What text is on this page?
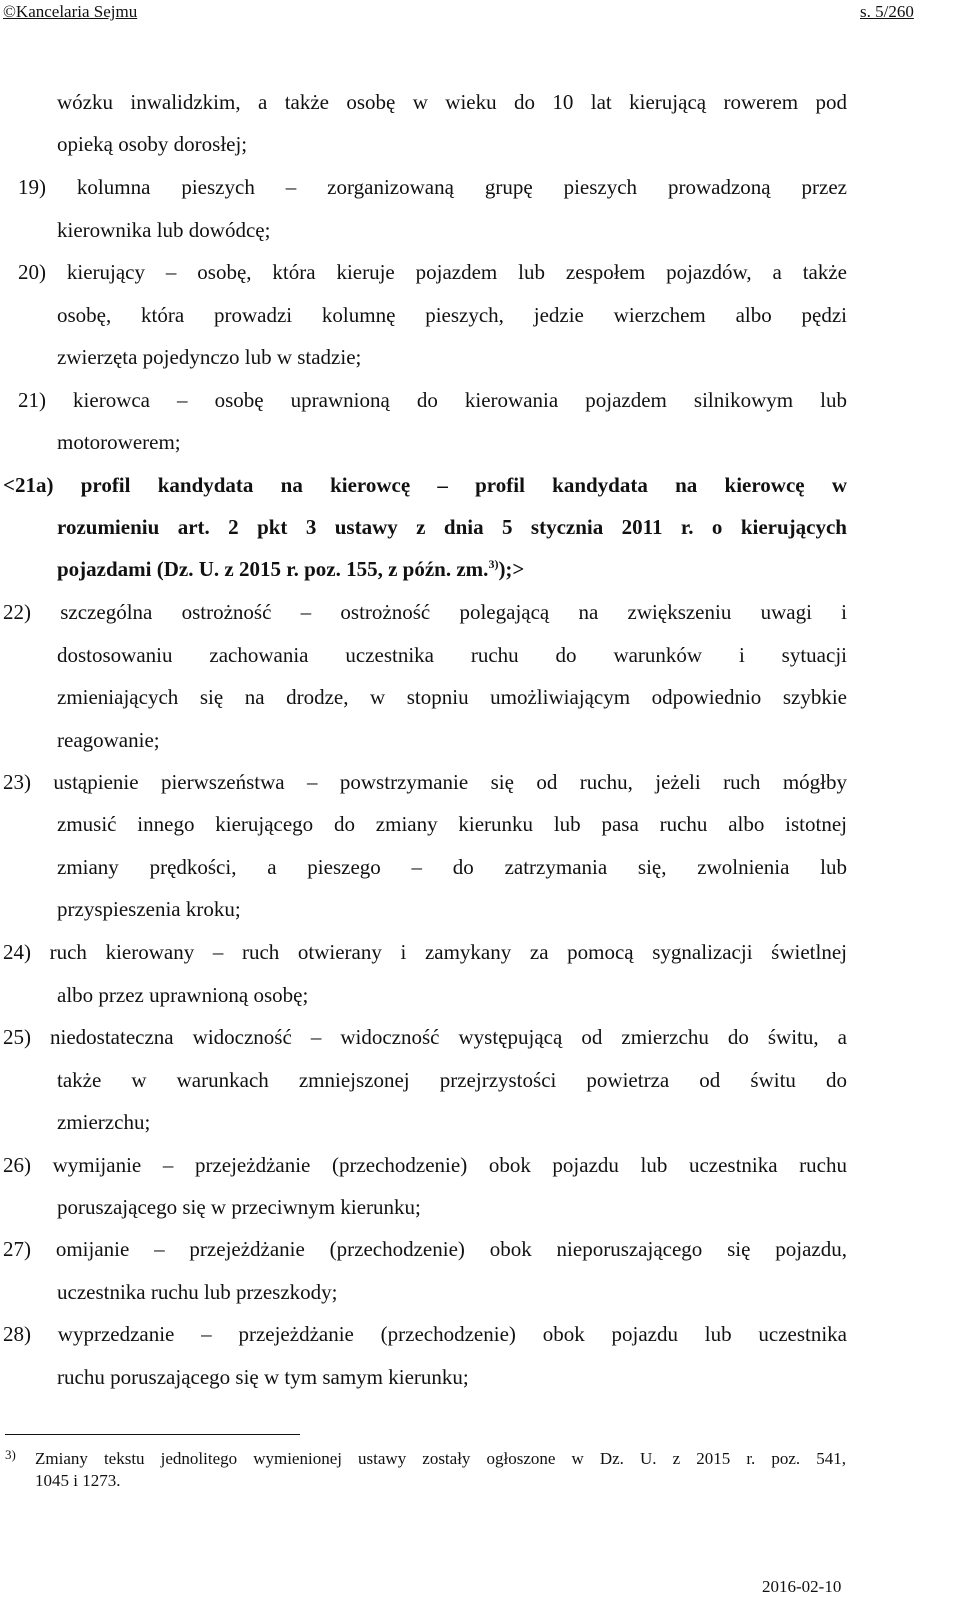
©Kancelaria Sejmu	s. 5/260
wózku inwalidzkim, a także osobę w wieku do 10 lat kierującą rowerem pod
opieką osoby dorosłej;
19) kolumna pieszych – zorganizowaną grupę pieszych prowadzoną przez
kierownika lub dowódcę;
20) kierujący – osobę, która kieruje pojazdem lub zespołem pojazdów, a także
osobę, która prowadzi kolumnę pieszych, jedzie wierzchem albo pędzi
zwierzęta pojedynczo lub w stadzie;
21) kierowca – osobę uprawnioną do kierowania pojazdem silnikowym lub
motorowerem;
<21a) profil kandydata na kierowcę – profil kandydata na kierowcę w
rozumieniu art. 2 pkt 3 ustawy z dnia 5 stycznia 2011 r. o kierujących
pojazdami (Dz. U. z 2015 r. poz. 155, z późn. zm.$^{3)}$);>
22) szczególna ostrożność – ostrożność polegającą na zwiększeniu uwagi i
dostosowaniu zachowania uczestnika ruchu do warunków i sytuacji
zmieniających się na drodze, w stopniu umożliwiającym odpowiednio szybkie
reagowanie;
23) ustąpienie pierwszeństwa – powstrzymanie się od ruchu, jeżeli ruch mógłby
zmusić innego kierującego do zmiany kierunku lub pasa ruchu albo istotnej
zmiany prędkości, a pieszego – do zatrzymania się, zwolnienia lub
przyspieszenia kroku;
24) ruch kierowany – ruch otwierany i zamykany za pomocą sygnalizacji świetlnej
albo przez uprawnioną osobę;
25) niedostateczna widoczność – widoczność występującą od zmierzchu do świtu, a
także w warunkach zmniejszonej przejrzystości powietrza od świtu do
zmierzchu;
26) wymijanie – przejeżdżanie (przechodzenie) obok pojazdu lub uczestnika ruchu
poruszającego się w przeciwnym kierunku;
27) omijanie – przejeżdżanie (przechodzenie) obok nieporuszającego się pojazdu,
uczestnika ruchu lub przeszkody;
28) wyprzedzanie – przejeżdżanie (przechodzenie) obok pojazdu lub uczestnika
ruchu poruszającego się w tym samym kierunku;
3) Zmiany tekstu jednolitego wymienionej ustawy zostały ogłoszone w Dz. U. z 2015 r. poz. 541,
1045 i 1273.
2016-02-10
